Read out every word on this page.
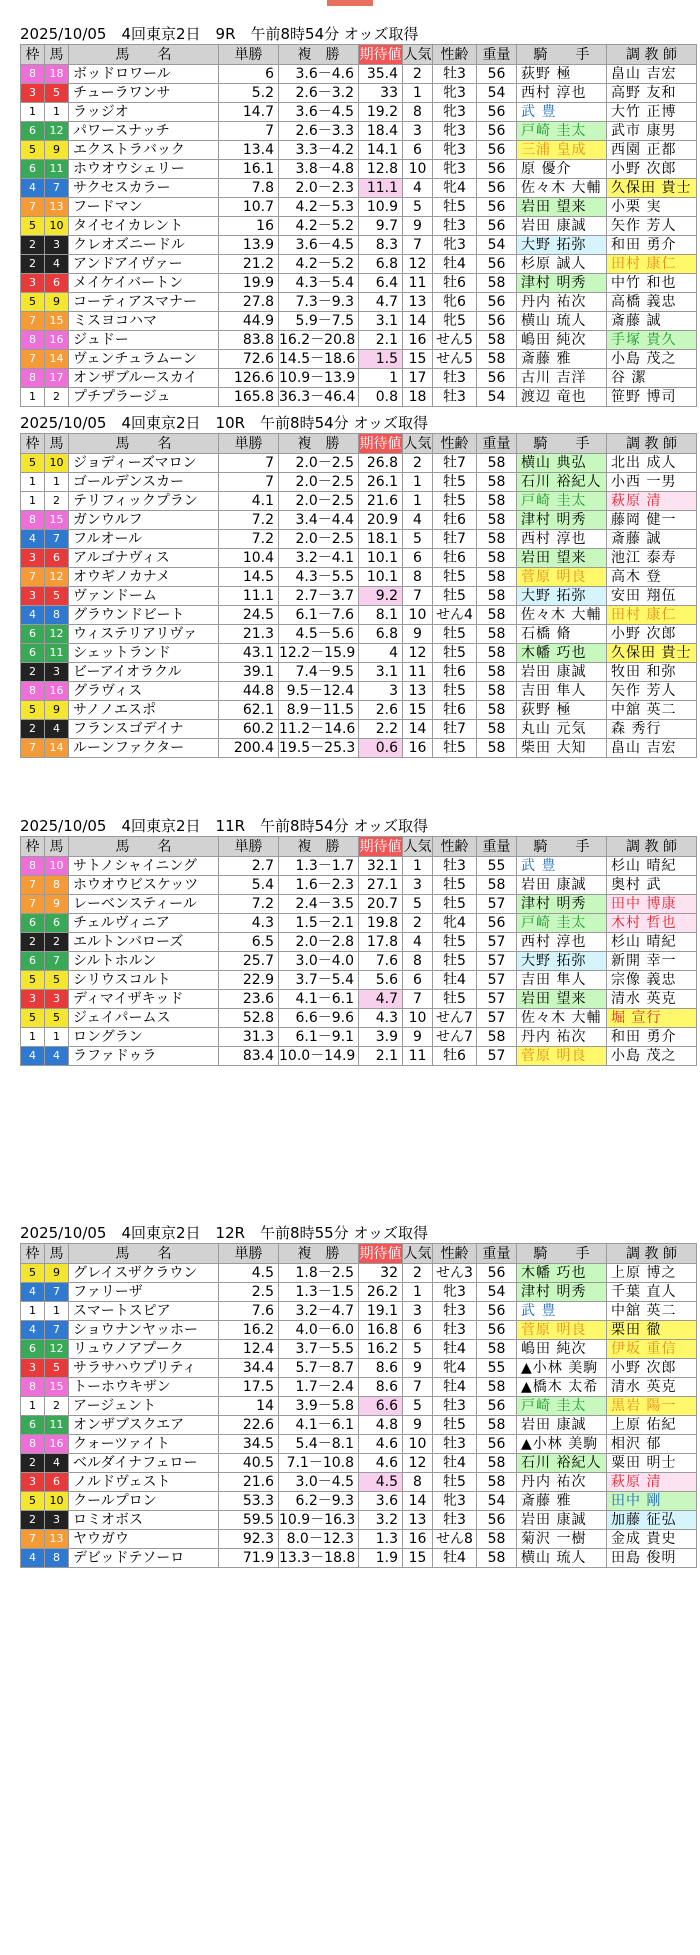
2025/10/05　4回東京2日　9R　午前8時54分 オッズ取得
枠	馬	馬　　名	単勝	複　勝	期待値	人気	性齢	重量	騎　　手	調 教 師
8	18	ボッドロワール	6	3.6－4.6	35.4	2	牡3	56	荻野 極	畠山 吉宏
3	5	チューラワンサ	5.2	2.6－3.2	33	1	牝3	54	西村 淳也	高野 友和
1	1	ラッジオ	14.7	3.6－4.5	19.2	8	牝3	56	武 豊	大竹 正博
6	12	パワースナッチ	7	2.6－3.3	18.4	3	牝3	56	戸崎 圭太	武市 康男
5	9	エクストラバック	13.4	3.3－4.2	14.1	6	牝3	56	三浦 皇成	西園 正都
6	11	ホウオウシェリー	16.1	3.8－4.8	12.8	10	牝3	56	原 優介	小野 次郎
4	7	サクセスカラー	7.8	2.0－2.3	11.1	4	牝4	56	佐々木 大輔	久保田 貴士
7	13	フードマン	10.7	4.2－5.3	10.9	5	牡5	56	岩田 望来	小栗 実
5	10	タイセイカレント	16	4.2－5.2	9.7	9	牡3	56	岩田 康誠	矢作 芳人
2	3	クレオズニードル	13.9	3.6－4.5	8.3	7	牝3	54	大野 拓弥	和田 勇介
2	4	アンドアイヴァー	21.2	4.2－5.2	6.8	12	牡4	56	杉原 誠人	田村 康仁
3	6	メイケイバートン	19.9	4.3－5.4	6.4	11	牡6	58	津村 明秀	中竹 和也
5	9	コーティアスマナー	27.8	7.3－9.3	4.7	13	牝6	56	丹内 祐次	高橋 義忠
7	15	ミスヨコハマ	44.9	5.9－7.5	3.1	14	牝5	56	横山 琉人	斎藤 誠
8	16	ジュドー	83.8	16.2－20.8	2.1	16	せん5	58	嶋田 純次	手塚 貴久
7	14	ヴェンチュラムーン	72.6	14.5－18.6	1.5	15	せん5	58	斎藤 雅	小島 茂之
8	17	オンザブルースカイ	126.6	10.9－13.9	1	17	牡3	56	古川 吉洋	谷 潔
1	2	プチプラージュ	165.8	36.3－46.4	0.8	18	牡3	54	渡辺 竜也	笹野 博司
2025/10/05　4回東京2日　10R　午前8時54分 オッズ取得
枠	馬	馬　　名	単勝	複　勝	期待値	人気	性齢	重量	騎　　手	調 教 師
5	10	ジョディーズマロン	7	2.0－2.5	26.8	2	牡7	58	横山 典弘	北出 成人
1	1	ゴールデンスカー	7	2.0－2.5	26.1	1	牡5	58	石川 裕紀人	小西 一男
1	2	テリフィックプラン	4.1	2.0－2.5	21.6	1	牡5	58	戸崎 圭太	萩原 清
8	15	ガンウルフ	7.2	3.4－4.4	20.9	4	牡6	58	津村 明秀	藤岡 健一
4	7	フルオール	7.2	2.0－2.5	18.1	5	牡7	58	西村 淳也	斎藤 誠
3	6	アルゴナヴィス	10.4	3.2－4.1	10.1	6	牡6	58	岩田 望来	池江 泰寿
7	12	オウギノカナメ	14.5	4.3－5.5	10.1	8	牡5	58	菅原 明良	高木 登
3	5	ヴァンドーム	11.1	2.7－3.7	9.2	7	牡5	58	大野 拓弥	安田 翔伍
4	8	グラウンドビート	24.5	6.1－7.6	8.1	10	せん4	58	佐々木 大輔	田村 康仁
6	12	ウィステリアリヴァ	21.3	4.5－5.6	6.8	9	牡5	58	石橋 脩	小野 次郎
6	11	シェットランド	43.1	12.2－15.9	4	12	牡5	58	木幡 巧也	久保田 貴士
2	3	ビーアイオラクル	39.1	7.4－9.5	3.1	11	牡6	58	岩田 康誠	牧田 和弥
8	16	グラヴィス	44.8	9.5－12.4	3	13	牡5	58	吉田 隼人	矢作 芳人
5	9	サノノエスポ	62.1	8.9－11.5	2.6	15	牡6	58	荻野 極	中舘 英二
2	4	フランスゴデイナ	60.2	11.2－14.6	2.2	14	牡7	58	丸山 元気	森 秀行
7	14	ルーンファクター	200.4	19.5－25.3	0.6	16	牡5	58	柴田 大知	畠山 吉宏
2025/10/05　4回東京2日　11R　午前8時54分 オッズ取得
枠	馬	馬　　名	単勝	複　勝	期待値	人気	性齢	重量	騎　　手	調 教 師
8	10	サトノシャイニング	2.7	1.3－1.7	32.1	1	牡3	55	武 豊	杉山 晴紀
7	8	ホウオウビスケッツ	5.4	1.6－2.3	27.1	3	牡5	58	岩田 康誠	奥村 武
7	9	レーベンスティール	7.2	2.4－3.5	20.7	5	牡5	57	津村 明秀	田中 博康
6	6	チェルヴィニア	4.3	1.5－2.1	19.8	2	牝4	56	戸崎 圭太	木村 哲也
2	2	エルトンバローズ	6.5	2.0－2.8	17.8	4	牡5	57	西村 淳也	杉山 晴紀
6	7	シルトホルン	25.7	3.0－4.0	7.6	8	牡5	57	大野 拓弥	新開 幸一
5	5	シリウスコルト	22.9	3.7－5.4	5.6	6	牡4	57	吉田 隼人	宗像 義忠
3	3	ディマイザキッド	23.6	4.1－6.1	4.7	7	牡5	57	岩田 望来	清水 英克
5	5	ジェイパームス	52.8	6.6－9.6	4.3	10	せん7	57	佐々木 大輔	堀 宣行
1	1	ロングラン	31.3	6.1－9.1	3.9	9	せん7	58	丹内 祐次	和田 勇介
4	4	ラファドゥラ	83.4	10.0－14.9	2.1	11	牡6	57	菅原 明良	小島 茂之
2025/10/05　4回東京2日　12R　午前8時55分 オッズ取得
枠	馬	馬　　名	単勝	複　勝	期待値	人気	性齢	重量	騎　　手	調 教 師
5	9	グレイスザクラウン	4.5	1.8－2.5	32	2	せん3	56	木幡 巧也	上原 博之
4	7	ファリーザ	2.5	1.3－1.5	26.2	1	牝3	54	津村 明秀	千葉 直人
1	1	スマートスピア	7.6	3.2－4.7	19.1	3	牡3	56	武 豊	中舘 英二
4	7	ショウナンヤッホー	16.2	4.0－6.0	16.8	6	牡3	56	菅原 明良	栗田 徹
6	12	リュウノアプーク	12.4	3.7－5.5	16.2	5	牡4	58	嶋田 純次	伊坂 重信
3	5	サラサハウプリティ	34.4	5.7－8.7	8.6	9	牝4	55	▲小林 美駒	小野 次郎
8	15	トーホウキザン	17.5	1.7－2.4	8.6	7	牡4	58	▲橋木 太希	清水 英克
1	2	アージェント	14	3.9－5.8	6.6	5	牡3	56	戸崎 圭太	黒岩 陽一
6	11	オンザブスクエア	22.6	4.1－6.1	4.8	9	牡5	58	岩田 康誠	上原 佑紀
8	16	クォーツァイト	34.5	5.4－8.1	4.6	10	牡3	56	▲小林 美駒	相沢 郁
2	4	ベルダイナフェロー	40.5	7.1－10.8	4.6	12	牡4	58	石川 裕紀人	粟田 明士
3	6	ノルドヴェスト	21.6	3.0－4.5	4.5	8	牡5	58	丹内 祐次	萩原 清
5	10	クールプロン	53.3	6.2－9.3	3.6	14	牝3	54	斎藤 雅	田中 剛
2	3	ロミオボス	59.5	10.9－16.3	3.2	13	牡3	56	岩田 康誠	加藤 征弘
7	13	ヤウガウ	92.3	8.0－12.3	1.3	16	せん8	58	菊沢 一樹	金成 貴史
4	8	デビッドテソーロ	71.9	13.3－18.8	1.9	15	牡4	58	横山 琉人	田島 俊明
